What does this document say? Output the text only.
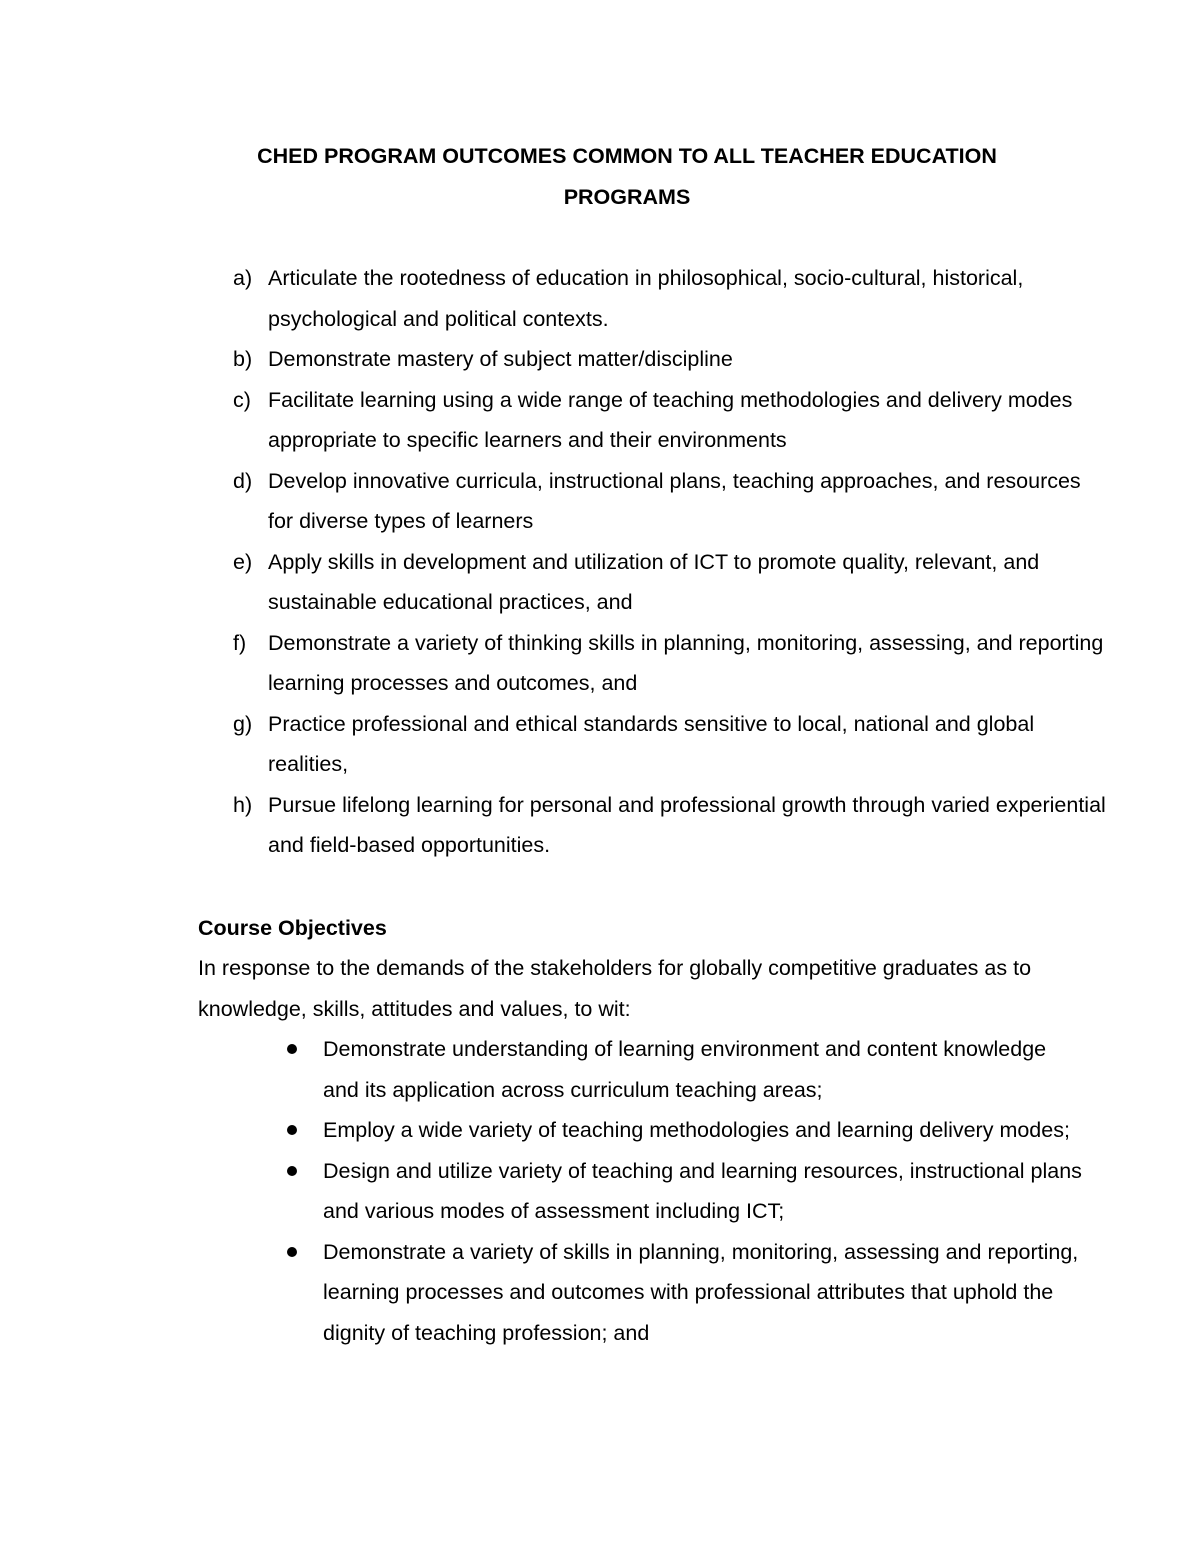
CHED PROGRAM OUTCOMES COMMON TO ALL TEACHER EDUCATION
PROGRAMS
a) Articulate the rootedness of education in philosophical, socio-cultural, historical, psychological and political contexts.
b) Demonstrate mastery of subject matter/discipline
c) Facilitate learning using a wide range of teaching methodologies and delivery modes appropriate to specific learners and their environments
d) Develop innovative curricula, instructional plans, teaching approaches, and resources for diverse types of learners
e) Apply skills in development and utilization of ICT to promote quality, relevant, and sustainable educational practices, and
f) Demonstrate a variety of thinking skills in planning, monitoring, assessing, and reporting learning processes and outcomes, and
g) Practice professional and ethical standards sensitive to local, national and global realities,
h) Pursue lifelong learning for personal and professional growth through varied experiential and field-based opportunities.
Course Objectives

In response to the demands of the stakeholders for globally competitive graduates as to knowledge, skills, attitudes and values, to wit:

Demonstrate understanding of learning environment and content knowledge and its application across curriculum teaching areas;
Employ a wide variety of teaching methodologies and learning delivery modes;
Design and utilize variety of teaching and learning resources, instructional plans and various modes of assessment including ICT;
Demonstrate a variety of skills in planning, monitoring, assessing and reporting, learning processes and outcomes with professional attributes that uphold the dignity of teaching profession; and
